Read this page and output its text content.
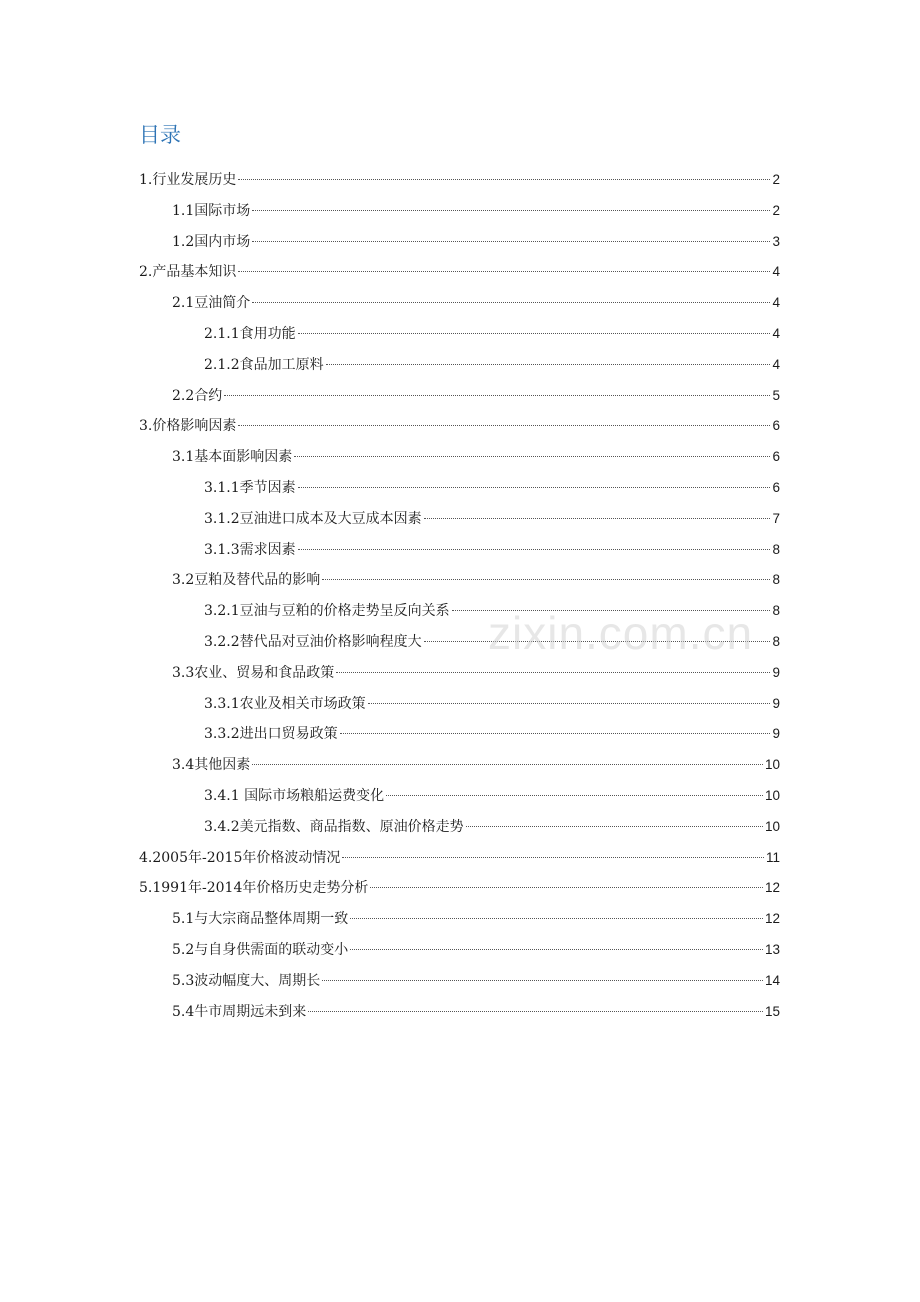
目录
1.行业发展历史	2
1.1国际市场	2
1.2国内市场	3
2.产品基本知识	4
2.1豆油简介	4
2.1.1食用功能	4
2.1.2食品加工原料	4
2.2合约	5
3.价格影响因素	6
3.1基本面影响因素	6
3.1.1季节因素	6
3.1.2豆油进口成本及大豆成本因素	7
3.1.3需求因素	8
3.2豆粕及替代品的影响	8
3.2.1豆油与豆粕的价格走势呈反向关系	8
3.2.2替代品对豆油价格影响程度大	8
3.3农业、贸易和食品政策	9
3.3.1农业及相关市场政策	9
3.3.2进出口贸易政策	9
3.4其他因素	10
3.4.1 国际市场粮船运费变化	10
3.4.2美元指数、商品指数、原油价格走势	10
4.2005年-2015年价格波动情况	11
5.1991年-2014年价格历史走势分析	12
5.1与大宗商品整体周期一致	12
5.2与自身供需面的联动变小	13
5.3波动幅度大、周期长	14
5.4牛市周期远未到来	15
zixin.com.cn
